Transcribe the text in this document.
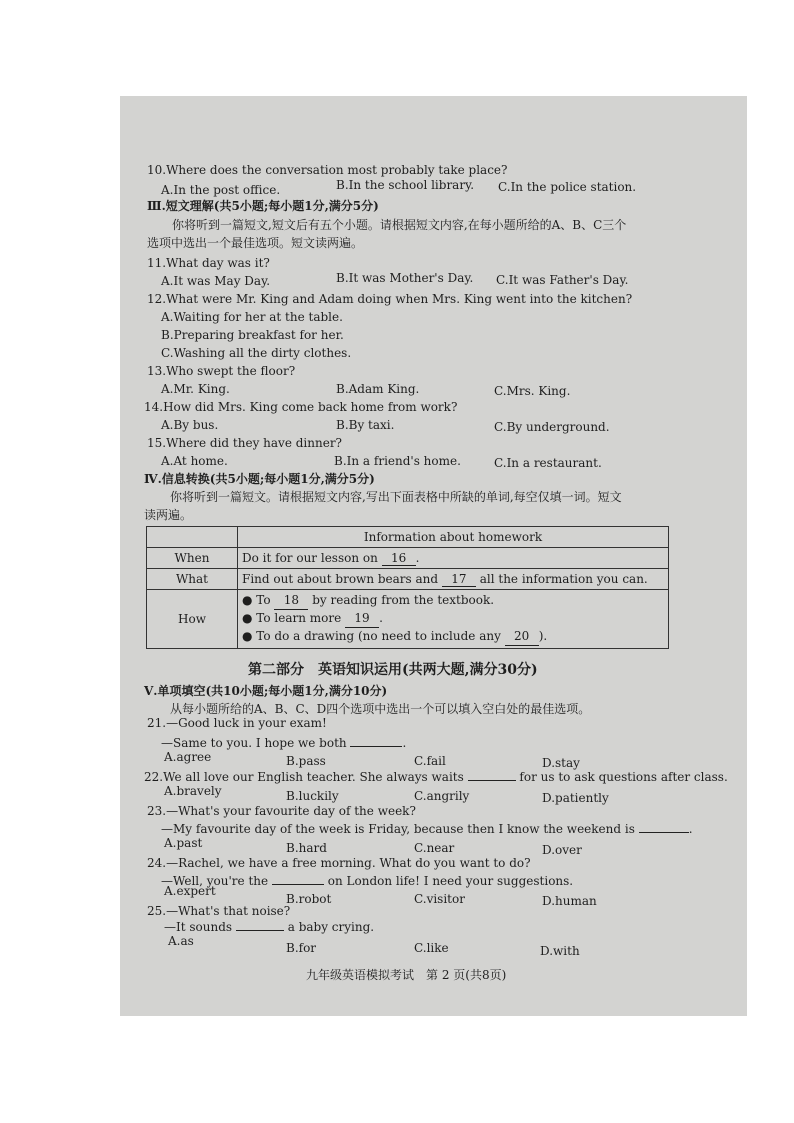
10.Where does the conversation most probably take place?
A.In the post office.	B.In the school library. C.In the police station.
Ⅲ.短文理解(共5小题;每小题1分,满分5分)
你将听到一篇短文,短文后有五个小题。请根据短文内容,在每小题所给的A、B、C三个
选项中选出一个最佳选项。短文读两遍。
11.What day was it?
A.It was May Day.	B.It was Mother's Day. C.It was Father's Day.
12.What were Mr. King and Adam doing when Mrs. King went into the kitchen?
A.Waiting for her at the table.
B.Preparing breakfast for her.
C.Washing all the dirty clothes.
13.Who swept the floor?
A.Mr. King.	B.Adam King.	C.Mrs. King.
14.How did Mrs. King come back home from work?
A.By bus.	B.By taxi.	C.By underground.
15.Where did they have dinner?
A.At home.	B.In a friend's home.	C.In a restaurant.
Ⅳ.信息转换(共5小题;每小题1分,满分5分)
你将听到一篇短文。请根据短文内容,写出下面表格中所缺的单词,每空仅填一词。短文
读两遍。
	Information about homework
When	Do it for our lesson on 16 .
What	Find out about brown bears and 17 all the information you can.
How	● To 18 by reading from the textbook.
● To learn more 19 .
● To do a drawing (no need to include any 20 ).
第二部分　英语知识运用(共两大题,满分30分)
Ⅴ.单项填空(共10小题;每小题1分,满分10分)
从每小题所给的A、B、C、D四个选项中选出一个可以填入空白处的最佳选项。
21.—Good luck in your exam!
—Same to you. I hope we both	.
A.agree	B.pass	C.fail	D.stay
22.We all love our English teacher. She always waits	for us to ask questions after class.
A.bravely	B.luckily	C.angrily	D.patiently
23.—What's your favourite day of the week?
—My favourite day of the week is Friday, because then I know the weekend is	.
A.past	B.hard	C.near	D.over
24.—Rachel, we have a free morning. What do you want to do?
—Well, you're the	on London life! I need your suggestions.
A.expert
B.robot	C.visitor	D.human
25.—What's that noise?
—It sounds	a baby crying.
A.as	B.for	C.like	D.with
九年级英语模拟考试　第 2 页(共8页)
